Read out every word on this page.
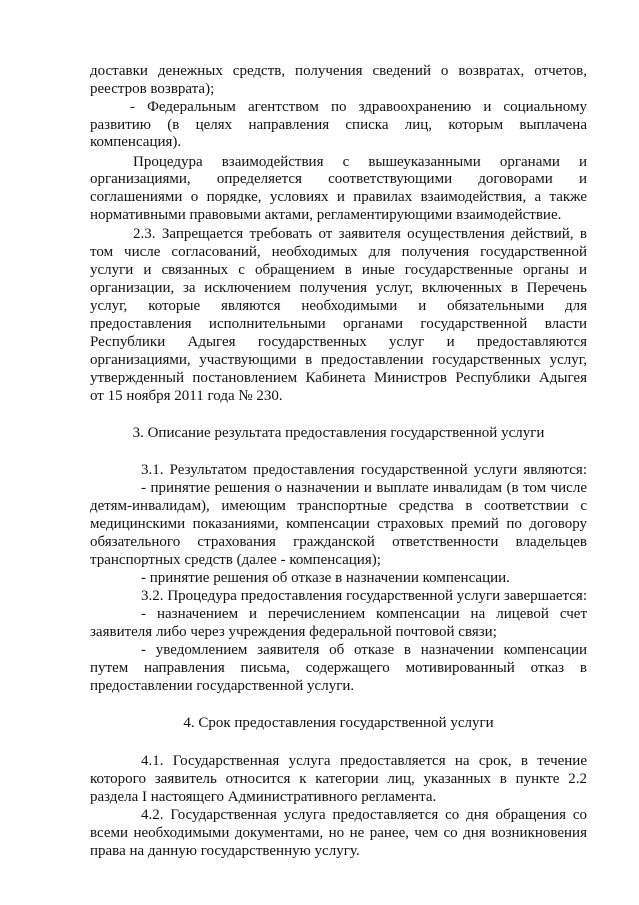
доставки денежных средств, получения сведений о возвратах, отчетов,
реестров возврата);
- Федеральным агентством по здравоохранению и социальному
развитию (в целях направления списка лиц, которым выплачена
компенсация).
Процедура взаимодействия с вышеуказанными органами и
организациями, определяется соответствующими договорами и
соглашениями о порядке, условиях и правилах взаимодействия, а также
нормативными правовыми актами, регламентирующими взаимодействие.
2.3. Запрещается требовать от заявителя осуществления действий, в
том числе согласований, необходимых для получения государственной
услуги и связанных с обращением в иные государственные органы и
организации, за исключением получения услуг, включенных в Перечень
услуг, которые являются необходимыми и обязательными для
предоставления исполнительными органами государственной власти
Республики Адыгея государственных услуг и предоставляются
организациями, участвующими в предоставлении государственных услуг,
утвержденный постановлением Кабинета Министров Республики Адыгея
от 15 ноября 2011 года № 230.
3. Описание результата предоставления государственной услуги
3.1. Результатом предоставления государственной услуги являются:
- принятие решения о назначении и выплате инвалидам (в том числе
детям-инвалидам), имеющим транспортные средства в соответствии с
медицинскими показаниями, компенсации страховых премий по договору
обязательного страхования гражданской ответственности владельцев
транспортных средств (далее - компенсация);
- принятие решения об отказе в назначении компенсации.
3.2. Процедура предоставления государственной услуги завершается:
- назначением и перечислением компенсации на лицевой счет
заявителя либо через учреждения федеральной почтовой связи;
- уведомлением заявителя об отказе в назначении компенсации
путем направления письма, содержащего мотивированный отказ в
предоставлении государственной услуги.
4. Срок предоставления государственной услуги
4.1. Государственная услуга предоставляется на срок, в течение
которого заявитель относится к категории лиц, указанных в пункте 2.2
раздела I настоящего Административного регламента.
4.2. Государственная услуга предоставляется со дня обращения со
всеми необходимыми документами, но не ранее, чем со дня возникновения
права на данную государственную услугу.
